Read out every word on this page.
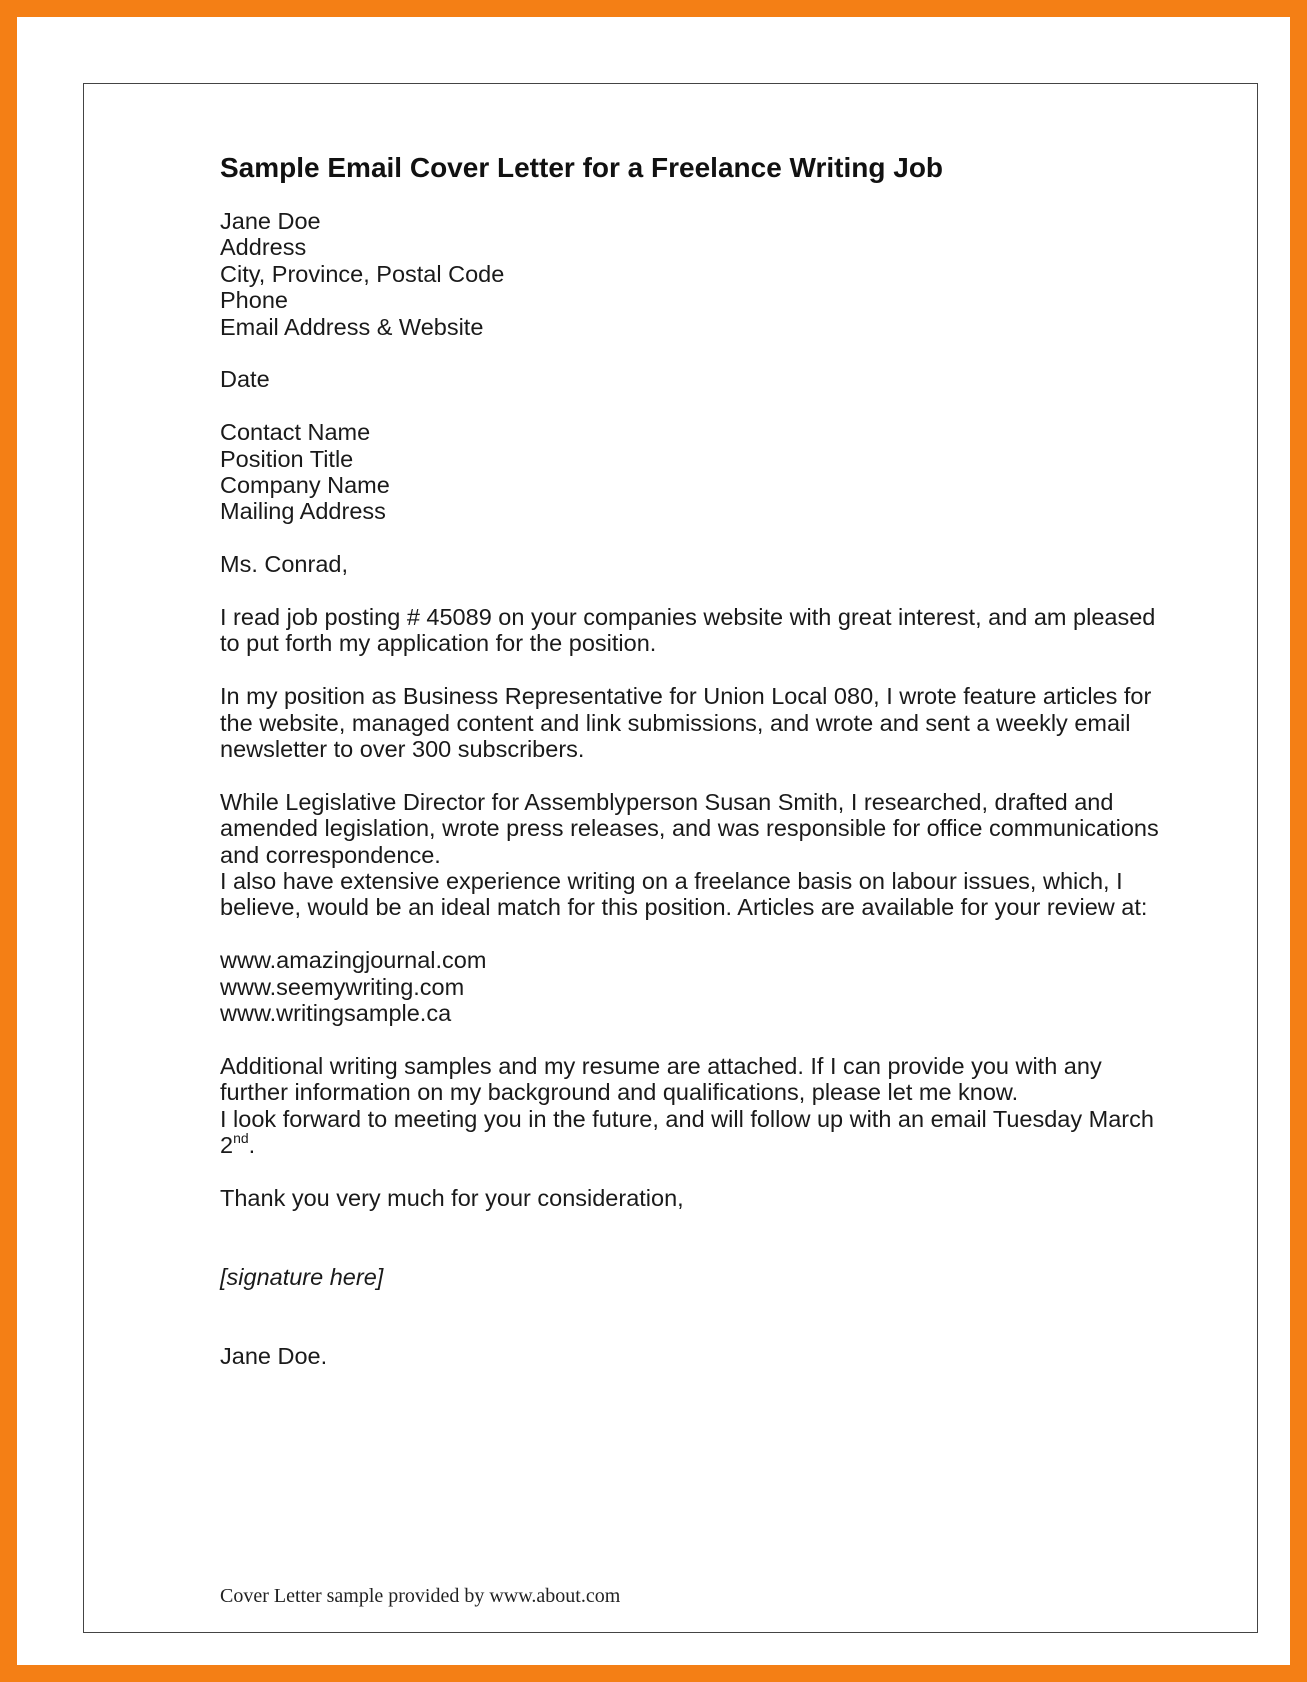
Sample Email Cover Letter for a Freelance Writing Job
Jane Doe
Address
City, Province, Postal Code
Phone
Email Address & Website
Date
Contact Name
Position Title
Company Name
Mailing Address
Ms. Conrad,
I read job posting # 45089 on your companies website with great interest, and am pleased
to put forth my application for the position.
In my position as Business Representative for Union Local 080, I wrote feature articles for
the website, managed content and link submissions, and wrote and sent a weekly email
newsletter to over 300 subscribers.
While Legislative Director for Assemblyperson Susan Smith, I researched, drafted and
amended legislation, wrote press releases, and was responsible for office communications
and correspondence.
I also have extensive experience writing on a freelance basis on labour issues, which, I
believe, would be an ideal match for this position. Articles are available for your review at:
www.amazingjournal.com
www.seemywriting.com
www.writingsample.ca
Additional writing samples and my resume are attached. If I can provide you with any
further information on my background and qualifications, please let me know.
I look forward to meeting you in the future, and will follow up with an email Tuesday March
2nd.
Thank you very much for your consideration,
[signature here]
Jane Doe.
Cover Letter sample provided by www.about.com
